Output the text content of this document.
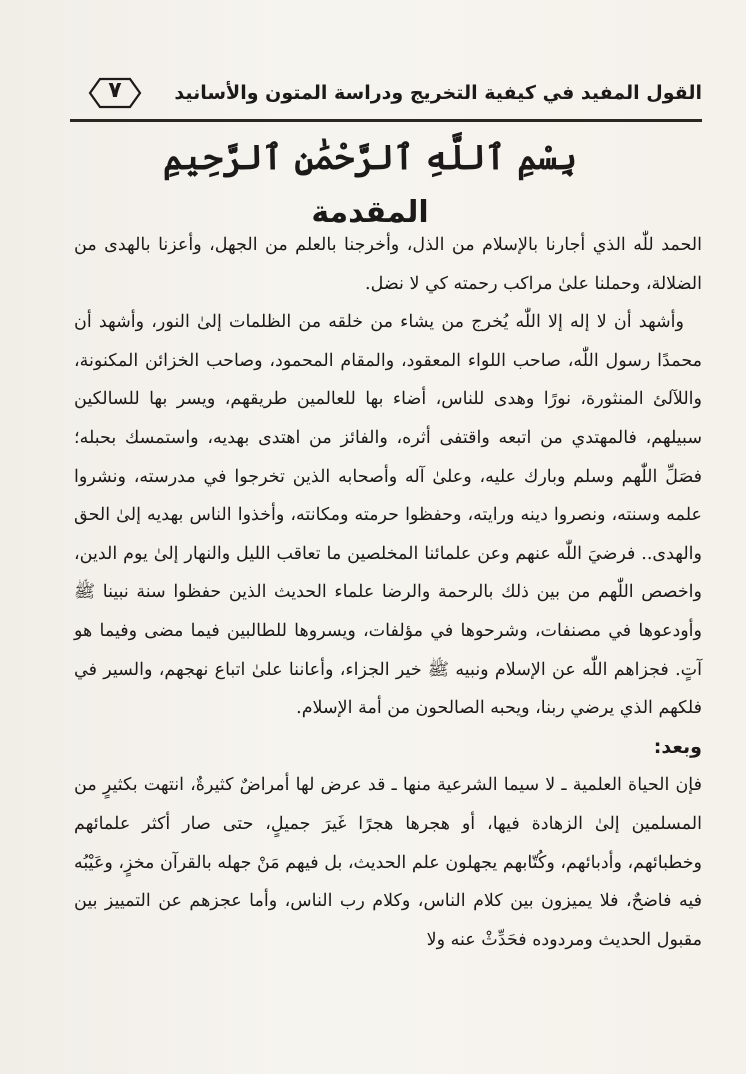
القول المفيد في كيفية التخريج ودراسة المتون والأسانيد
٧
بِسْمِ ٱللَّهِ ٱلرَّحْمَٰنِ ٱلرَّحِيمِ
المقدمة

الحمد للّٰه الذي أجارنا بالإسلام من الذل، وأخرجنا بالعلم من الجهل، وأعزنا بالهدى من الضلالة، وحملنا علىٰ مراكب رحمته كي لا نضل.

وأشهد أن لا إله إلا اللّٰه يُخرج من يشاء من خلقه من الظلمات إلىٰ النور، وأشهد أن محمدًا رسول اللّٰه، صاحب اللواء المعقود، والمقام المحمود، وصاحب الخزائن المكنونة، واللآلئ المنثورة، نورًا وهدى للناس، أضاء بها للعالمين طريقهم، ويسر بها للسالكين سبيلهم، فالمهتدي من اتبعه واقتفى أثره، والفائز من اهتدى بهديه، واستمسك بحبله؛ فصَلِّ اللّٰهم وسلم وبارك عليه، وعلىٰ آله وأصحابه الذين تخرجوا في مدرسته، ونشروا علمه وسنته، ونصروا دينه ورايته، وحفظوا حرمته ومكانته، وأخذوا الناس بهديه إلىٰ الحق والهدى.. فرضيَ اللّٰه عنهم وعن علمائنا المخلصين ما تعاقب الليل والنهار إلىٰ يوم الدين، واخصص اللّٰهم من بين ذلك بالرحمة والرضا علماء الحديث الذين حفظوا سنة نبينا ﷺ وأودعوها في مصنفات، وشرحوها في مؤلفات، ويسروها للطالبين فيما مضى وفيما هو آتٍ. فجزاهم اللّٰه عن الإسلام ونبيه ﷺ خير الجزاء، وأعاننا علىٰ اتباع نهجهم، والسير في فلكهم الذي يرضي ربنا، ويحبه الصالحون من أمة الإسلام.

وبعد:

فإن الحياة العلمية ـ لا سيما الشرعية منها ـ قد عرض لها أمراضٌ كثيرةٌ، انتهت بكثيرٍ من المسلمين إلىٰ الزهادة فيها، أو هجرها هجرًا غَيرَ جميلٍ، حتى صار أكثر علمائهم وخطبائهم، وأدبائهم، وكُتّابهم يجهلون علم الحديث، بل فيهم مَنْ جهله بالقرآن مخزٍ، وعَيْبُه فيه فاضحٌ، فلا يميزون بين كلام الناس، وكلام رب الناس، وأما عجزهم عن التمييز بين مقبول الحديث ومردوده فحَدِّثْ عنه ولا
